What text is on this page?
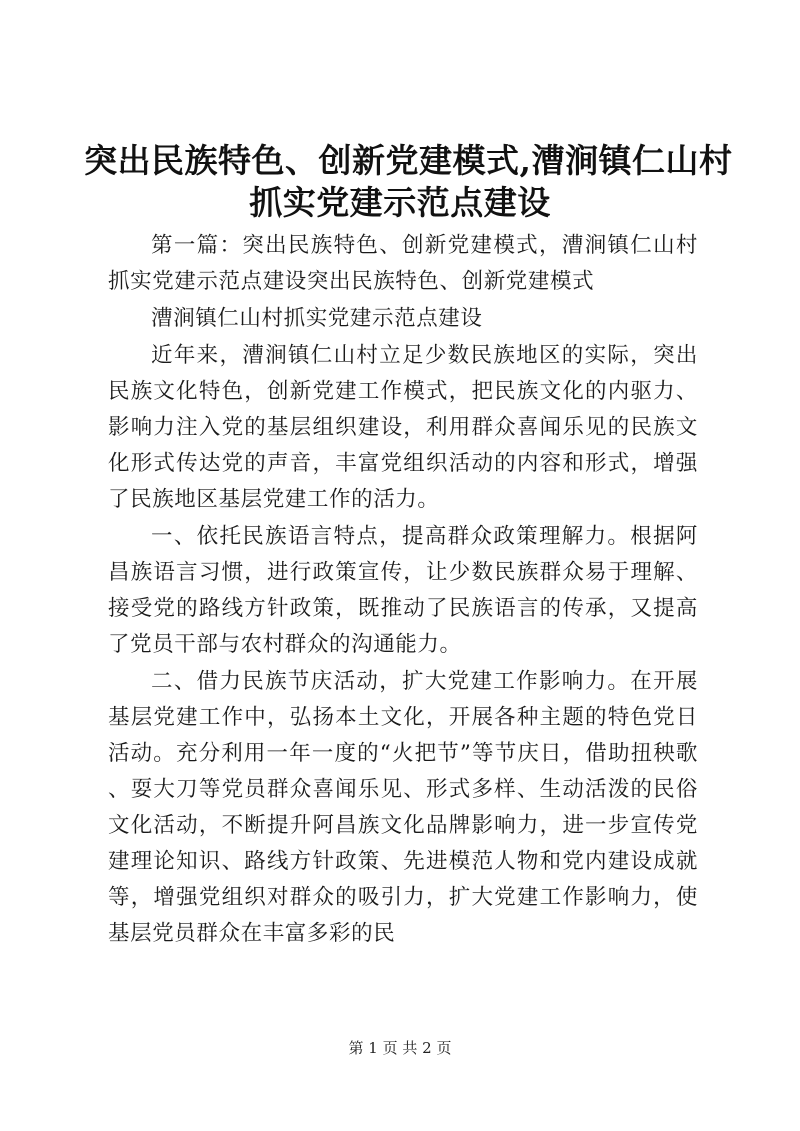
突出民族特色、创新党建模式,漕涧镇仁山村
抓实党建示范点建设

第一篇：突出民族特色、创新党建模式，漕涧镇仁山村抓实党建示范点建设突出民族特色、创新党建模式

漕涧镇仁山村抓实党建示范点建设

近年来，漕涧镇仁山村立足少数民族地区的实际，突出民族文化特色，创新党建工作模式，把民族文化的内驱力、影响力注入党的基层组织建设，利用群众喜闻乐见的民族文化形式传达党的声音，丰富党组织活动的内容和形式，增强了民族地区基层党建工作的活力。

一、依托民族语言特点，提高群众政策理解力。根据阿昌族语言习惯，进行政策宣传，让少数民族群众易于理解、接受党的路线方针政策，既推动了民族语言的传承，又提高了党员干部与农村群众的沟通能力。

二、借力民族节庆活动，扩大党建工作影响力。在开展基层党建工作中，弘扬本土文化，开展各种主题的特色党日活动。充分利用一年一度的“火把节”等节庆日，借助扭秧歌、耍大刀等党员群众喜闻乐见、形式多样、生动活泼的民俗文化活动，不断提升阿昌族文化品牌影响力，进一步宣传党建理论知识、路线方针政策、先进模范人物和党内建设成就等，增强党组织对群众的吸引力，扩大党建工作影响力，使基层党员群众在丰富多彩的民

第 1 页 共 2 页
